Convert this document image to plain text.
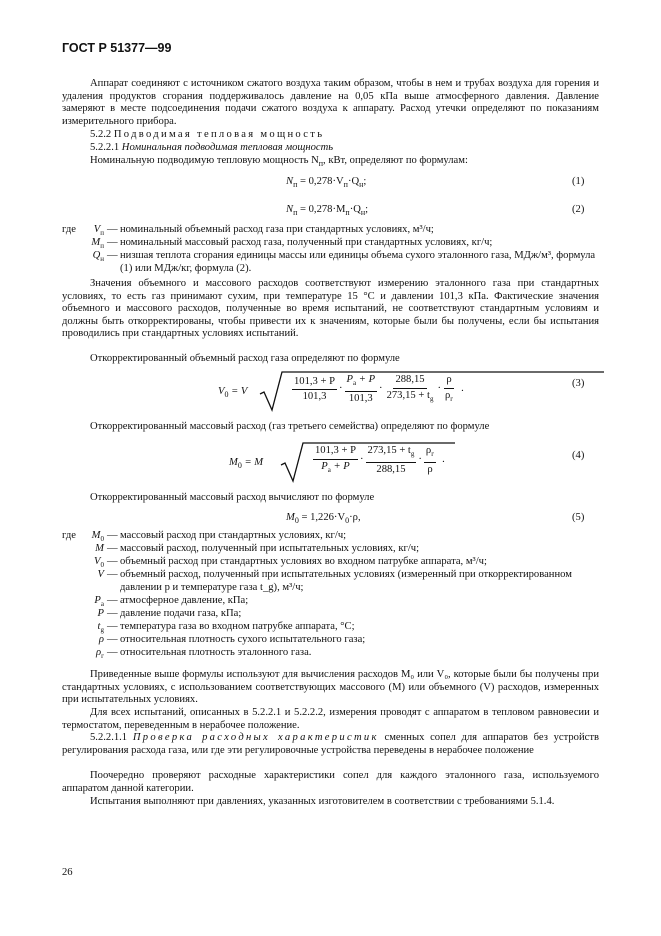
ГОСТ Р 51377—99
Аппарат соединяют с источником сжатого воздуха таким образом, чтобы в нем и трубах воздуха для горения и удаления продуктов сгорания поддерживалось давление на 0,05 кПа выше атмосферного давления. Давление замеряют в месте подсоединения подачи сжатого воздуха к аппарату. Расход утечки определяют по показаниям измерительного прибора.
5.2.2 Подводимая тепловая мощность
5.2.2.1 Номинальная подводимая тепловая мощность
Номинальную подводимую тепловую мощность $N_п$, кВт, определяют по формулам:
$N_п = 0,278\cdot V_п\cdot Q_н$;	(1)
$N_п = 0,278\cdot M_п\cdot Q_н$;	(2)
где	$V_п$ — номинальный объемный расход газа при стандартных условиях, м³/ч;
$M_п$ — номинальный массовый расход газа, полученный при стандартных условиях, кг/ч;
$Q_н$ — низшая теплота сгорания единицы массы или единицы объема сухого эталонного газа, МДж/м³, формула (1) или МДж/кг, формула (2).
Значения объемного и массового расходов соответствуют измерению эталонного газа при стандартных условиях, то есть газ принимают сухим, при температуре 15 °С и давлении 101,3 кПа. Фактические значения объемного и массового расходов, полученные во время испытаний, не соответствуют стандартным условиям и должны быть откорректированы, чтобы привести их к значениям, которые были бы получены, если бы испытания проводились при стандартных условиях испытаний.
Откорректированный объемный расход газа определяют по формуле
$V_0 = V$	$\frac{101,3 + P}{101,3} \cdot \frac{P_а + P}{101,3} \cdot \frac{288,15}{273,15 + t_g} \cdot \frac{\rho}{\rho_г}$ .	(3)
Откорректированный массовый расход (газ третьего семейства) определяют по формуле
$M_0 = M$	$\frac{101,3 + P}{P_а + P} \cdot \frac{273,15 + t_g}{288,15} \cdot \frac{\rho_г}{\rho}$ .	(4)
Откорректированный массовый расход вычисляют по формуле
$M_0 = 1,226\cdot V_0\cdot\rho$,	(5)
где	$M_0$ — массовый расход при стандартных условиях, кг/ч;
M — массовый расход, полученный при испытательных условиях, кг/ч;
$V_0$ — объемный расход при стандартных условиях во входном патрубке аппарата, м³/ч;
V — объемный расход, полученный при испытательных условиях (измеренный при откорректированном давлении p и температуре газа t_g), м³/ч;
$P_а$ — атмосферное давление, кПа;
P — давление подачи газа, кПа;
$t_g$ — температура газа во входном патрубке аппарата, °С;
ρ — относительная плотность сухого испытательного газа;
$\rho_г$ — относительная плотность эталонного газа.
Приведенные выше формулы используют для вычисления расходов M₀ или V₀, которые были бы получены при стандартных условиях, с использованием соответствующих массового (M) или объемного (V) расходов, измеренных при испытательных условиях.
Для всех испытаний, описанных в 5.2.2.1 и 5.2.2.2, измерения проводят с аппаратом в тепловом равновесии и термостатом, переведенным в нерабочее положение.
5.2.2.1.1 Проверка расходных характеристик сменных сопел для аппаратов без устройств регулирования расхода газа, или где эти регулировочные устройства переведены в нерабочее положение
Поочередно проверяют расходные характеристики сопел для каждого эталонного газа, используемого аппаратом данной категории.
Испытания выполняют при давлениях, указанных изготовителем в соответствии с требованиями 5.1.4.
26
